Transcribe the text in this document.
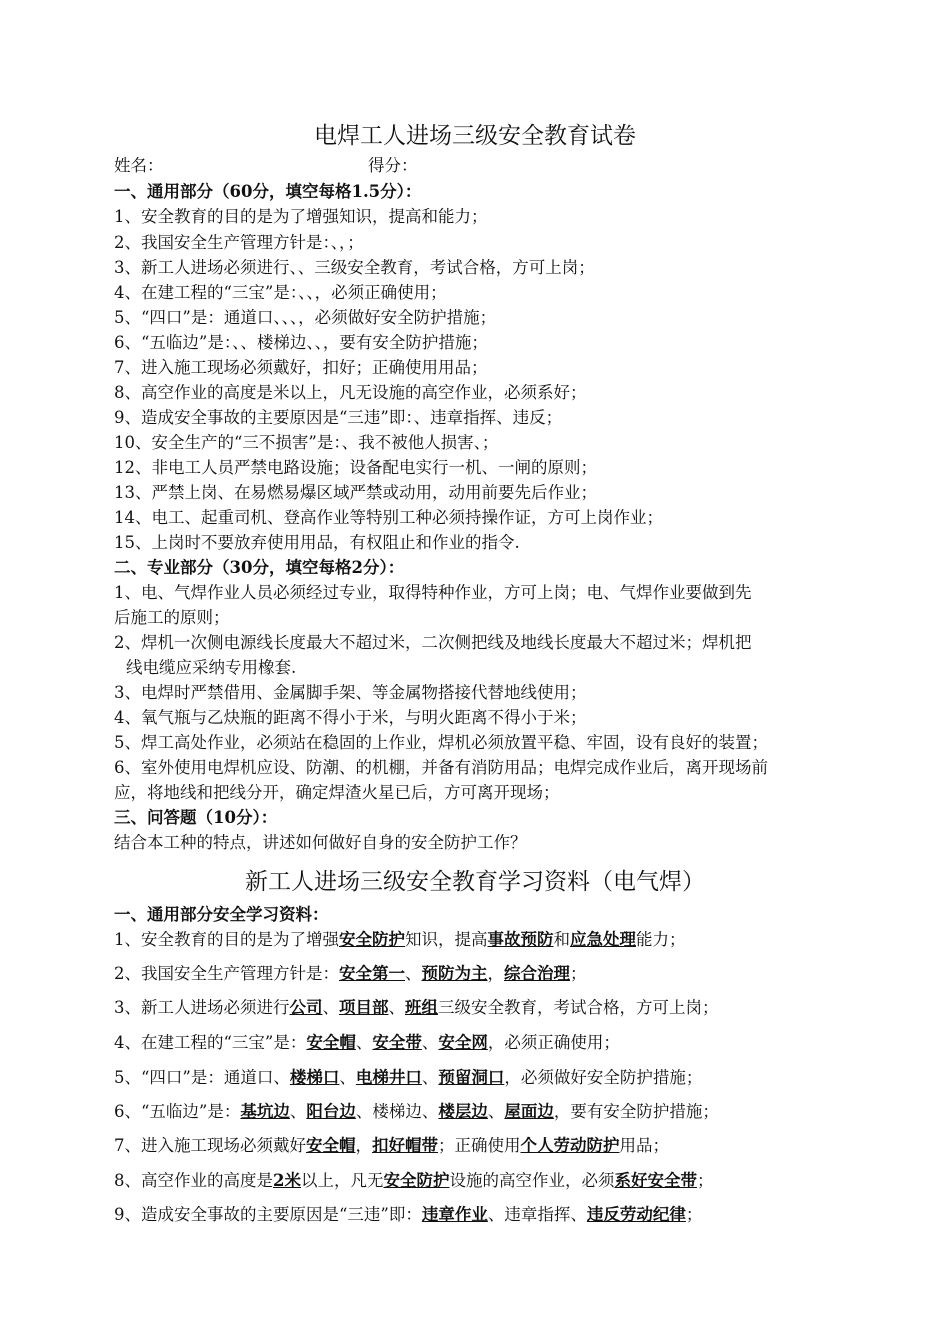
电焊工人进场三级安全教育试卷
姓名：	得分：
一、通用部分（60分，填空每格1.5分）：
1、安全教育的目的是为了增强知识，提高和能力；
2、我国安全生产管理方针是：、，；
3、新工人进场必须进行、、三级安全教育，考试合格，方可上岗；
4、在建工程的“三宝”是：、、，必须正确使用；
5、“四口”是：通道口、、、，必须做好安全防护措施；
6、“五临边”是：、、楼梯边、、，要有安全防护措施；
7、进入施工现场必须戴好，扣好；正确使用用品；
8、高空作业的高度是米以上，凡无设施的高空作业，必须系好；
9、造成安全事故的主要原因是“三违”即：、违章指挥、违反；
10、安全生产的“三不损害”是：、我不被他人损害、；
12、非电工人员严禁电路设施；设备配电实行一机、一闸的原则；
13、严禁上岗、在易燃易爆区域严禁或动用，动用前要先后作业；
14、电工、起重司机、登高作业等特别工种必须持操作证，方可上岗作业；
15、上岗时不要放弃使用用品，有权阻止和作业的指令.
二、专业部分（30分，填空每格2分）：
1、电、气焊作业人员必须经过专业，取得特种作业，方可上岗；电、气焊作业要做到先
后施工的原则；
2、焊机一次侧电源线长度最大不超过米，二次侧把线及地线长度最大不超过米；焊机把
线电缆应采纳专用橡套.
3、电焊时严禁借用、金属脚手架、等金属物搭接代替地线使用；
4、氧气瓶与乙炔瓶的距离不得小于米，与明火距离不得小于米；
5、焊工高处作业，必须站在稳固的上作业，焊机必须放置平稳、牢固，设有良好的装置；
6、室外使用电焊机应设、防潮、的机棚，并备有消防用品；电焊完成作业后，离开现场前
应，将地线和把线分开，确定焊渣火星已后，方可离开现场；
三、问答题（10分）：
结合本工种的特点，讲述如何做好自身的安全防护工作？
新工人进场三级安全教育学习资料（电气焊）
一、通用部分安全学习资料：
1、安全教育的目的是为了增强安全防护知识，提高事故预防和应急处理能力；
2、我国安全生产管理方针是：安全第一、预防为主，综合治理；
3、新工人进场必须进行公司、项目部、班组三级安全教育，考试合格，方可上岗；
4、在建工程的“三宝”是：安全帽、安全带、安全网，必须正确使用；
5、“四口”是：通道口、楼梯口、电梯井口、预留洞口，必须做好安全防护措施；
6、“五临边”是：基坑边、阳台边、楼梯边、楼层边、屋面边，要有安全防护措施；
7、进入施工现场必须戴好安全帽，扣好帽带；正确使用个人劳动防护用品；
8、高空作业的高度是2米以上，凡无安全防护设施的高空作业，必须系好安全带；
9、造成安全事故的主要原因是“三违”即：违章作业、违章指挥、违反劳动纪律；
